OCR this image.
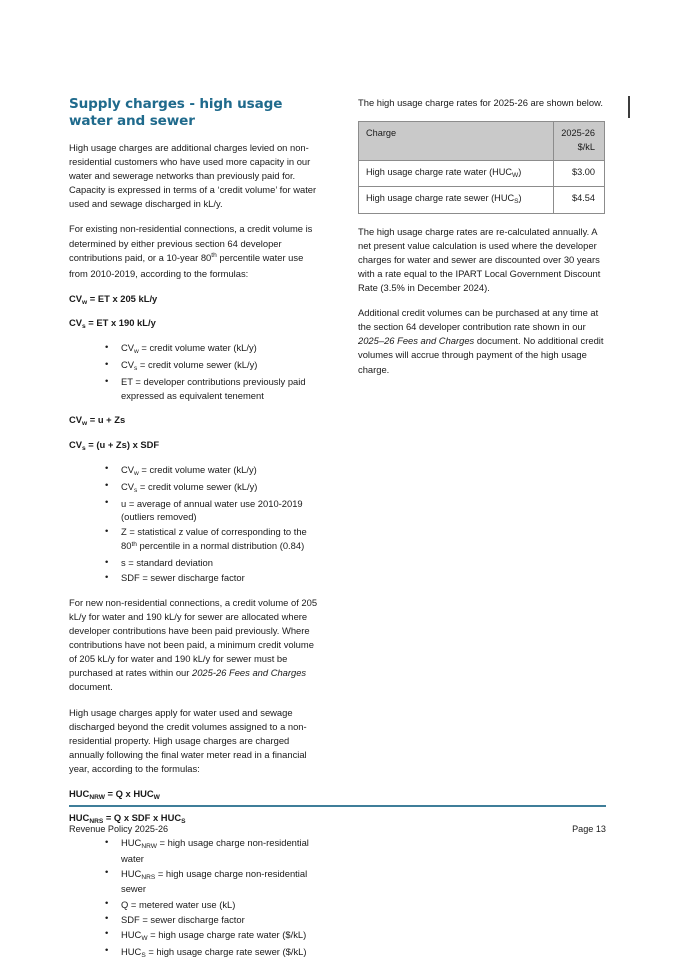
Supply charges - high usage water and sewer

High usage charges are additional charges levied on non-residential customers who have used more capacity in our water and sewerage networks than previously paid for. Capacity is expressed in terms of a ‘credit volume’ for water used and sewage discharged in kL/y.

For existing non-residential connections, a credit volume is determined by either previous section 64 developer contributions paid, or a 10-year 80th percentile water use from 2010-2019, according to the formulas:

$CV_w$ = ET x 205 kL/y

$CV_s$ = ET x 190 kL/y

• $CV_w$ = credit volume water (kL/y)
• $CV_s$ = credit volume sewer (kL/y)
• ET = developer contributions previously paid expressed as equivalent tenement

$CV_w = u + Zs$

$CV_s = (u + Zs)$ x SDF

• $CV_w$ = credit volume water (kL/y)
• $CV_s$ = credit volume sewer (kL/y)
• u = average of annual water use 2010-2019 (outliers removed)
• Z = statistical z value of corresponding to the 80th percentile in a normal distribution (0.84)
• s = standard deviation
• SDF = sewer discharge factor

For new non-residential connections, a credit volume of 205 kL/y for water and 190 kL/y for sewer are allocated where developer contributions have been paid previously. Where contributions have not been paid, a minimum credit volume of 205 kL/y for water and 190 kL/y for sewer must be purchased at rates within our 2025-26 Fees and Charges document.

High usage charges apply for water used and sewage discharged beyond the credit volumes assigned to a non-residential property. High usage charges are charged annually following the final water meter read in a financial year, according to the formulas:

$HUC_{NRW} = Q$ x $HUC_W$

$HUC_{NRS} = Q$ x SDF x $HUC_S$

• $HUC_{NRW}$ = high usage charge non-residential water
• $HUC_{NRS}$ = high usage charge non-residential sewer
• Q = metered water use (kL)
• SDF = sewer discharge factor
• $HUC_W$ = high usage charge rate water ($/kL)
• $HUC_S$ = high usage charge rate sewer ($/kL)

The high usage charge rates for 2025-26 are shown below.

Charge	2025-26
$/kL

High usage charge rate water $(HUC_W)$	$3.00
High usage charge rate sewer $(HUC_S)$	$4.54

The high usage charge rates are re-calculated annually. A net present value calculation is used where the developer charges for water and sewer are discounted over 30 years with a rate equal to the IPART Local Government Discount Rate (3.5% in December 2024).

Additional credit volumes can be purchased at any time at the section 64 developer contribution rate shown in our 2025–26 Fees and Charges document. No additional credit volumes will accrue through payment of the high usage charge.

Revenue Policy 2025-26	Page 13
